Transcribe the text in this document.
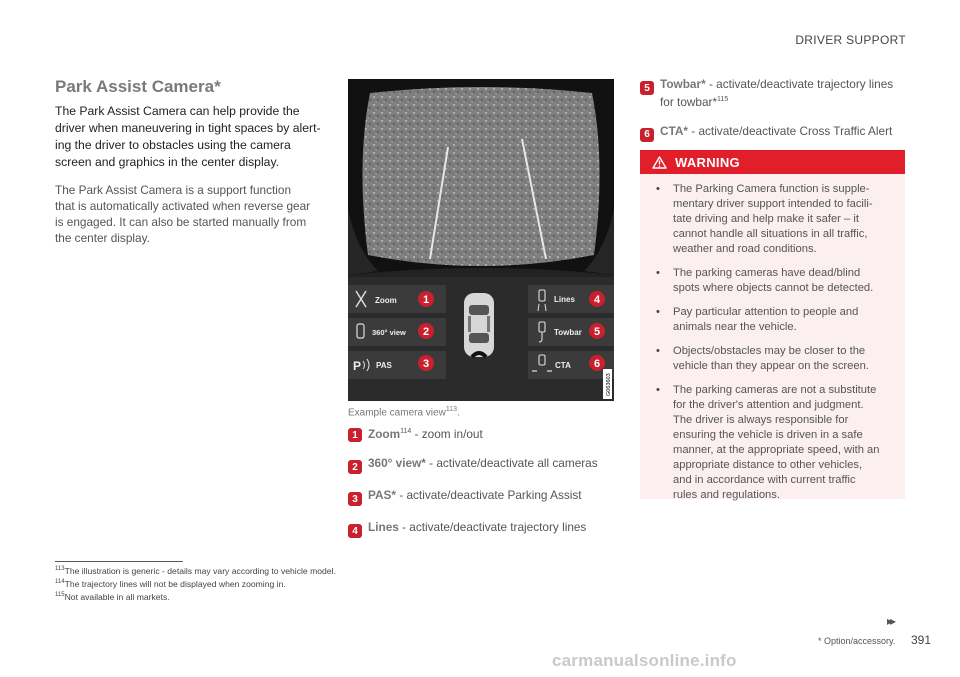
DRIVER SUPPORT
Park Assist Camera*

The Park Assist Camera can help provide the
driver when maneuvering in tight spaces by alert-
ing the driver to obstacles using the camera
screen and graphics in the center display.

The Park Assist Camera is a support function
that is automatically activated when reverse gear
is engaged. It can also be started manually from
the center display.

Zoom
360° view
P PAS
Lines
Towbar
CTA
1
2
3
4
5
6
G063603
Example camera view$^{113}$.
1 Zoom$^{114}$ - zoom in/out
2 360° view* - activate/deactivate all cameras
3 PAS* - activate/deactivate Parking Assist
4 Lines - activate/deactivate trajectory lines
5 Towbar* - activate/deactivate trajectory lines
for towbar*$^{115}$
6 CTA* - activate/deactivate Cross Traffic Alert
WARNING
• The Parking Camera function is supple-
mentary driver support intended to facili-
tate driving and help make it safer – it
cannot handle all situations in all traffic,
weather and road conditions.
• The parking cameras have dead/blind
spots where objects cannot be detected.
• Pay particular attention to people and
animals near the vehicle.
• Objects/obstacles may be closer to the
vehicle than they appear on the screen.
• The parking cameras are not a substitute
for the driver's attention and judgment.
The driver is always responsible for
ensuring the vehicle is driven in a safe
manner, at the appropriate speed, with an
appropriate distance to other vehicles,
and in accordance with current traffic
rules and regulations.
$^{113}$The illustration is generic - details may vary according to vehicle model.
$^{114}$The trajectory lines will not be displayed when zooming in.
$^{115}$Not available in all markets.
▸▸
* Option/accessory. 391
carmanualsonline.info
